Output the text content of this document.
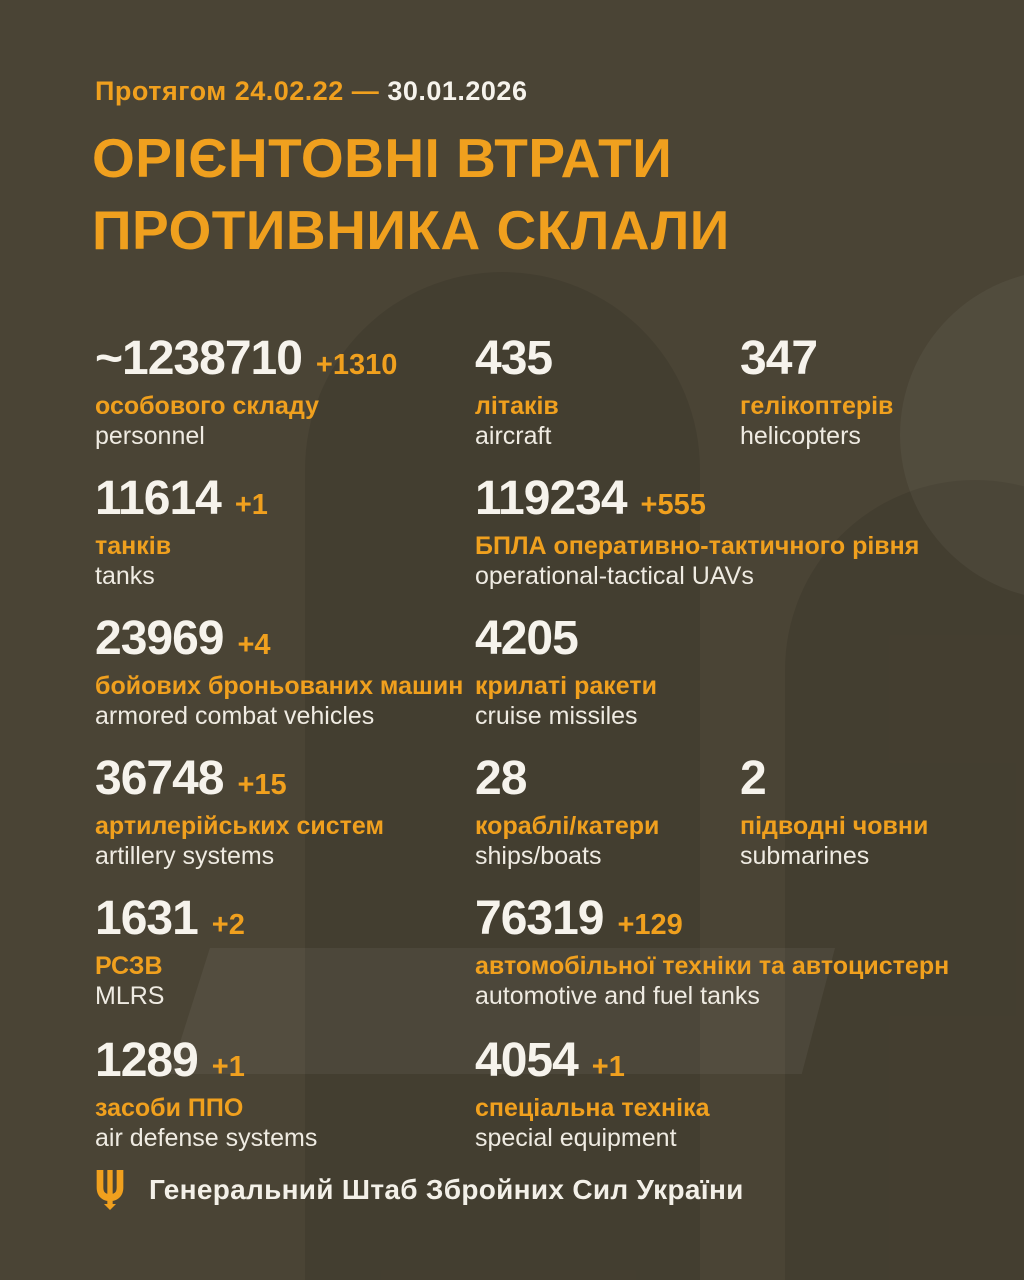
Протягом 24.02.22 — 30.01.2026
ОРІЄНТОВНІ ВТРАТИ
ПРОТИВНИКА СКЛАЛИ
~1238710 +1310
особового складу
personnel
435
літаків
aircraft
347
гелікоптерів
helicopters
11614 +1
танків
tanks
119234 +555
БПЛА оперативно-тактичного рівня
operational-tactical UAVs
23969 +4
бойових броньованих машин
armored combat vehicles
4205
крилаті ракети
cruise missiles
36748 +15
артилерійських систем
artillery systems
28
кораблі/катери
ships/boats
2
підводні човни
submarines
1631 +2
РСЗВ
MLRS
76319 +129
автомобільної техніки та автоцистерн
automotive and fuel tanks
1289 +1
засоби ППО
air defense systems
4054 +1
спеціальна техніка
special equipment
Генеральний Штаб Збройних Сил України
